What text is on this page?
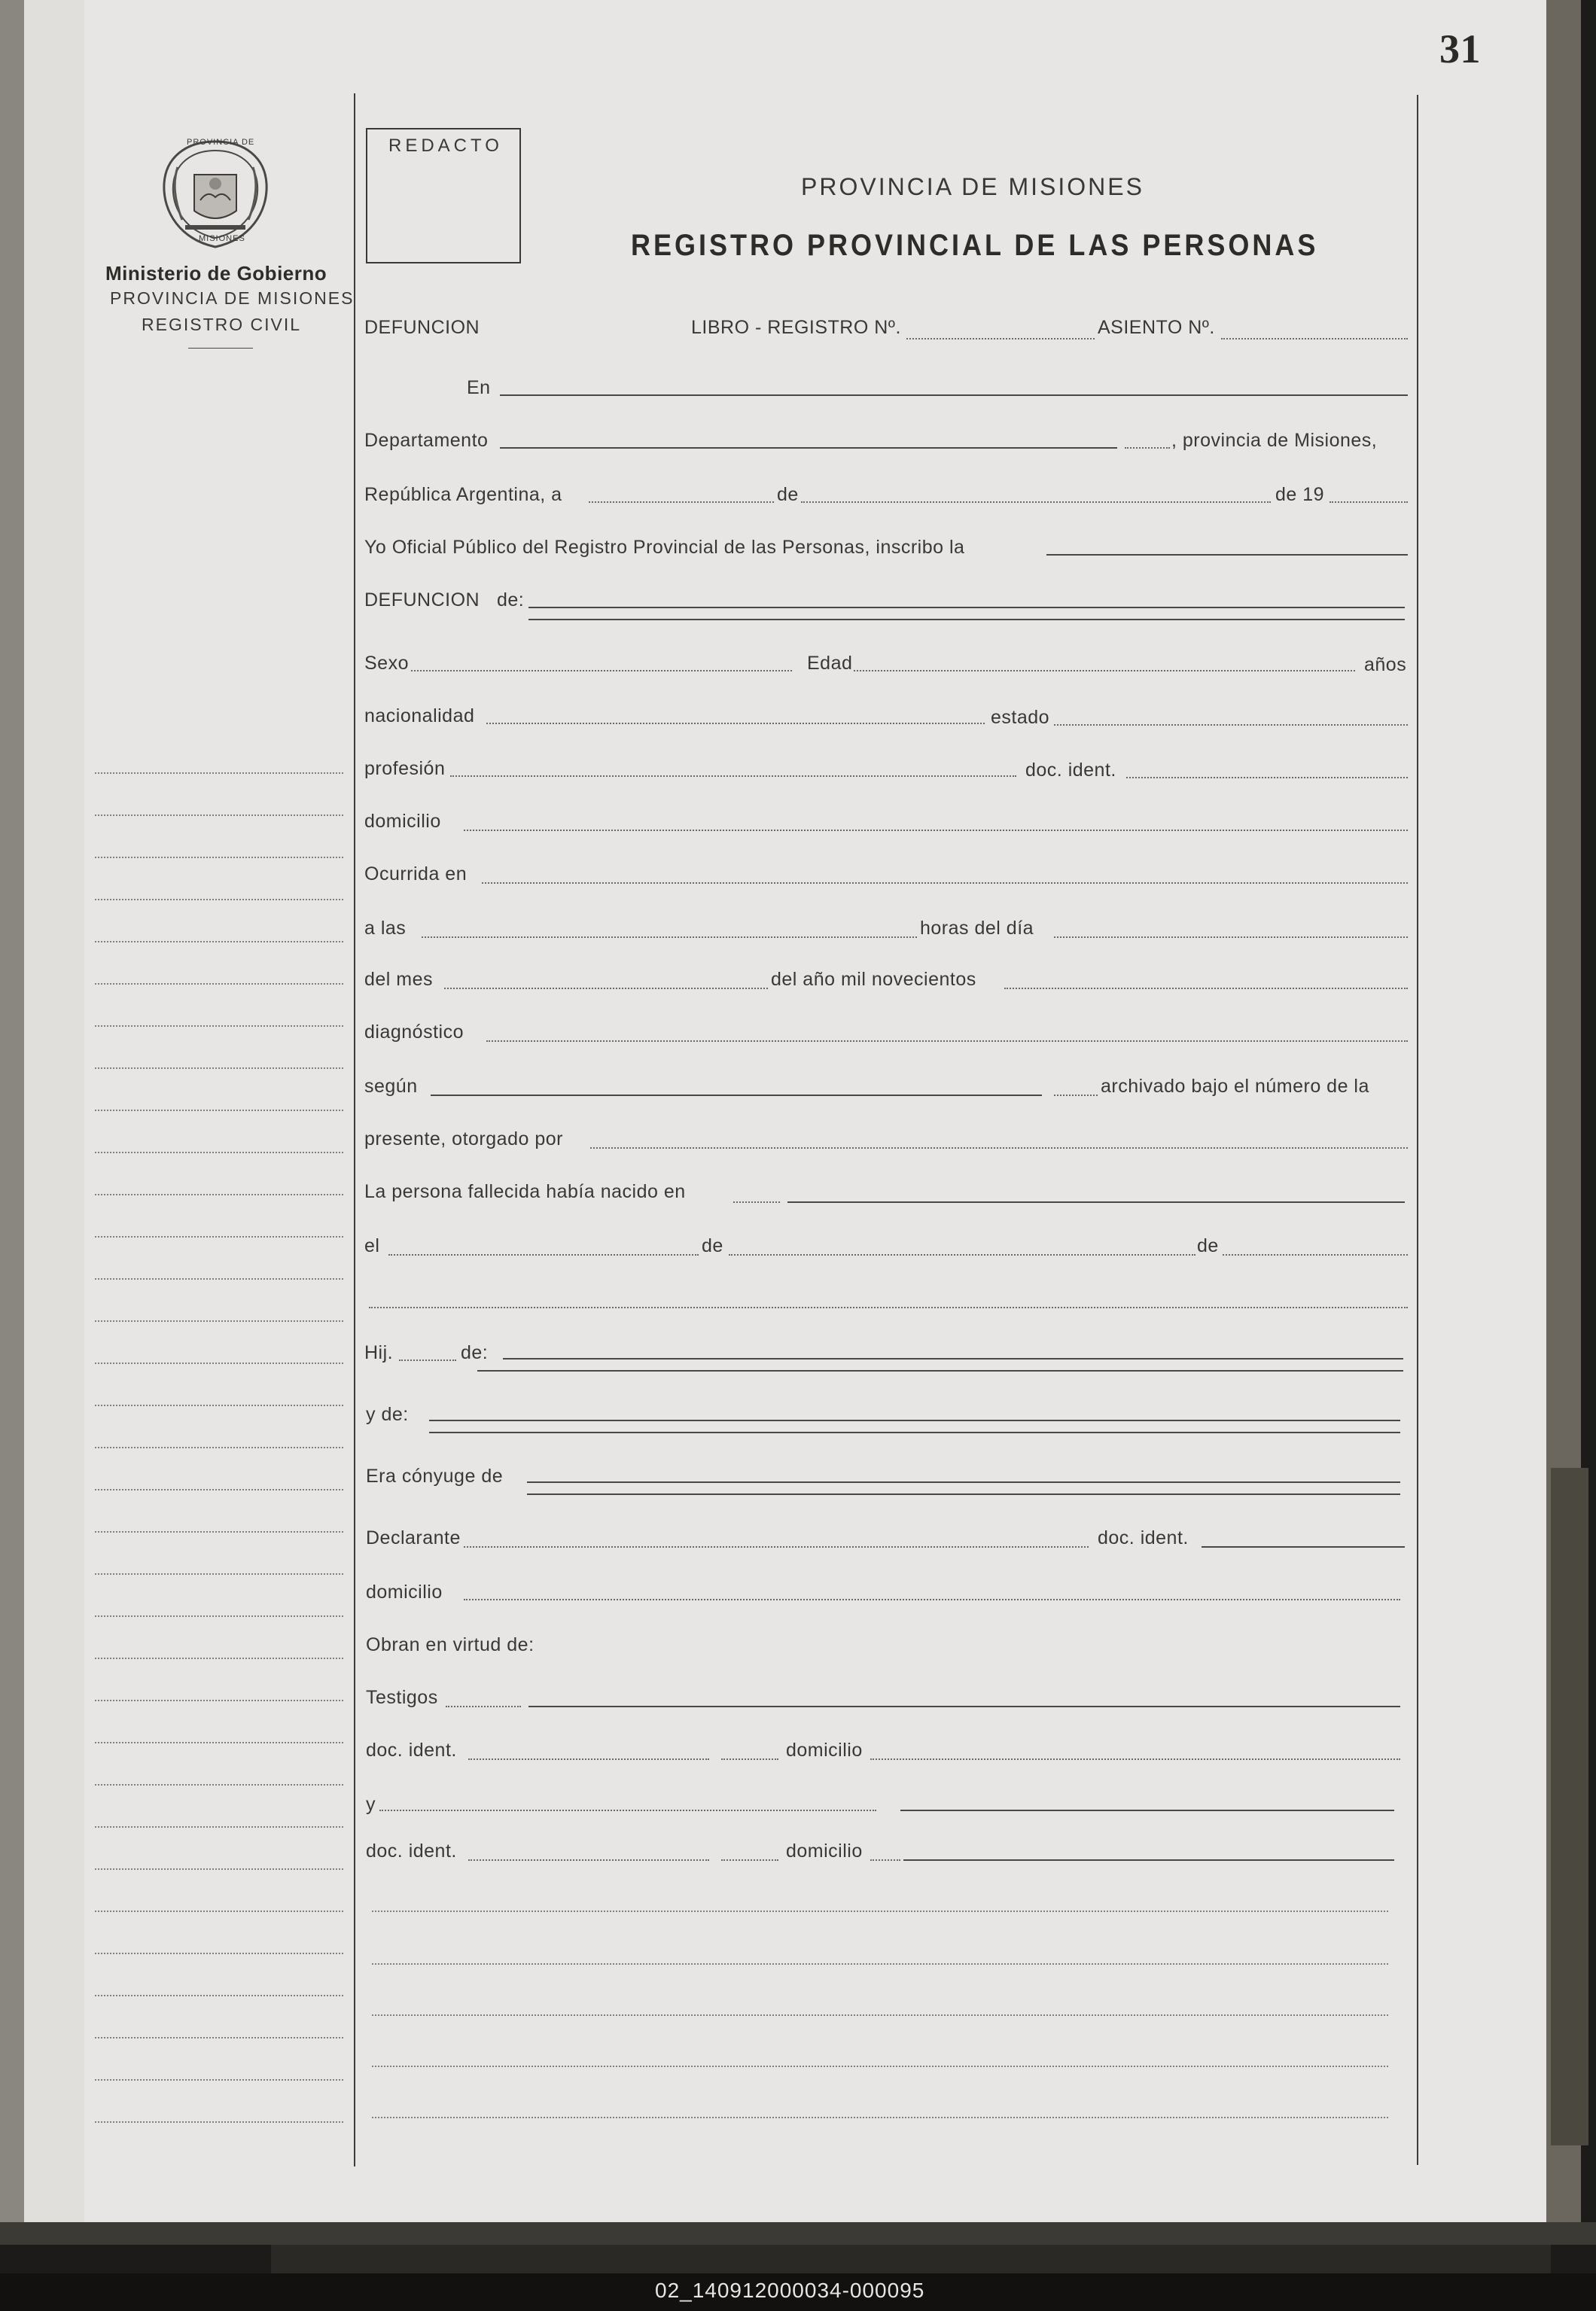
PROVINCIA DE
MISIONES
Ministerio de Gobierno
PROVINCIA DE MISIONES
REGISTRO CIVIL
31
REDACTO
PROVINCIA DE MISIONES
REGISTRO PROVINCIAL DE LAS PERSONAS
DEFUNCION	LIBRO - REGISTRO Nº.	ASIENTO Nº.
En
Departamento	, provincia de Misiones,
República Argentina, a	de	de 19
Yo Oficial Público del Registro Provincial de las Personas, inscribo la
DEFUNCION de:
Sexo	Edad	años
nacionalidad	estado
profesión	doc. ident.
domicilio
Ocurrida en
a las	horas del día
del mes	del año mil novecientos
diagnóstico
según	archivado bajo el número de la
presente, otorgado por
La persona fallecida había nacido en
el	de	de
Hij.	de:
y de:
Era cónyuge de
Declarante	doc. ident.
domicilio
Obran en virtud de:
Testigos
doc. ident.	domicilio
y
doc. ident.	domicilio
02_140912000034-000095
